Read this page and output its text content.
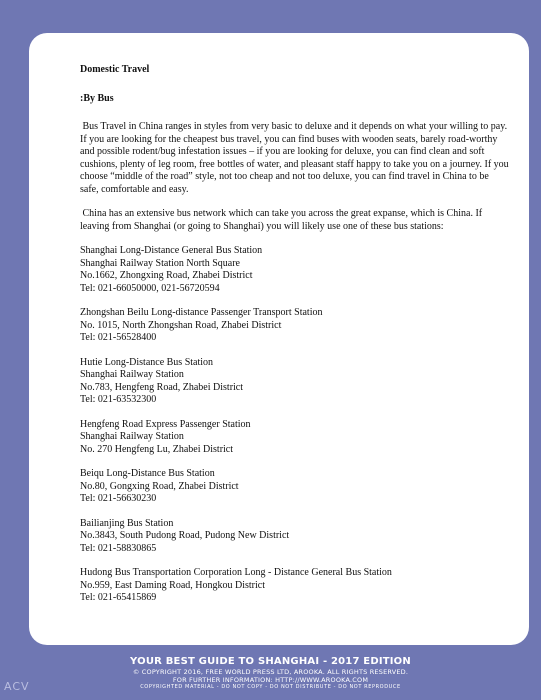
Domestic Travel
:By Bus
Bus Travel in China ranges in styles from very basic to deluxe and it depends on what your willing to pay. If you are looking for the cheapest bus travel, you can find buses with wooden seats, barely road-worthy and possible rodent/bug infestation issues – if you are looking for deluxe, you can find clean and soft cushions, plenty of leg room, free bottles of water, and pleasant staff happy to take you on a journey. If you choose “middle of the road” style, not too cheap and not too deluxe, you can find travel in China to be safe, comfortable and easy.
China has an extensive bus network which can take you across the great expanse, which is China. If leaving from Shanghai (or going to Shanghai) you will likely use one of these bus stations:
Shanghai Long-Distance General Bus Station
Shanghai Railway Station North Square
No.1662, Zhongxing Road, Zhabei District
Tel: 021-66050000, 021-56720594
Zhongshan Beilu Long-distance Passenger Transport Station
No. 1015, North Zhongshan Road, Zhabei District
Tel: 021-56528400
Hutie Long-Distance Bus Station
Shanghai Railway Station
No.783, Hengfeng Road, Zhabei District
Tel: 021-63532300
Hengfeng Road Express Passenger Station
Shanghai Railway Station
No. 270 Hengfeng Lu, Zhabei District
Beiqu Long-Distance Bus Station
No.80, Gongxing Road, Zhabei District
Tel: 021-56630230
Bailianjing Bus Station
No.3843, South Pudong Road, Pudong New District
Tel: 021-58830865
Hudong Bus Transportation Corporation Long - Distance General Bus Station
No.959, East Daming Road, Hongkou District
Tel: 021-65415869
YOUR BEST GUIDE TO SHANGHAI - 2017 EDITION
© COPYRIGHT 2016, FREE WORLD PRESS LTD, AROOKA. ALL RIGHTS RESERVED.
FOR FURTHER INFORMATION: HTTP://WWW.AROOKA.COM
COPYRIGHTED MATERIAL - DO NOT COPY - DO NOT DISTRIBUTE - DO NOT REPRODUCE
ACV
